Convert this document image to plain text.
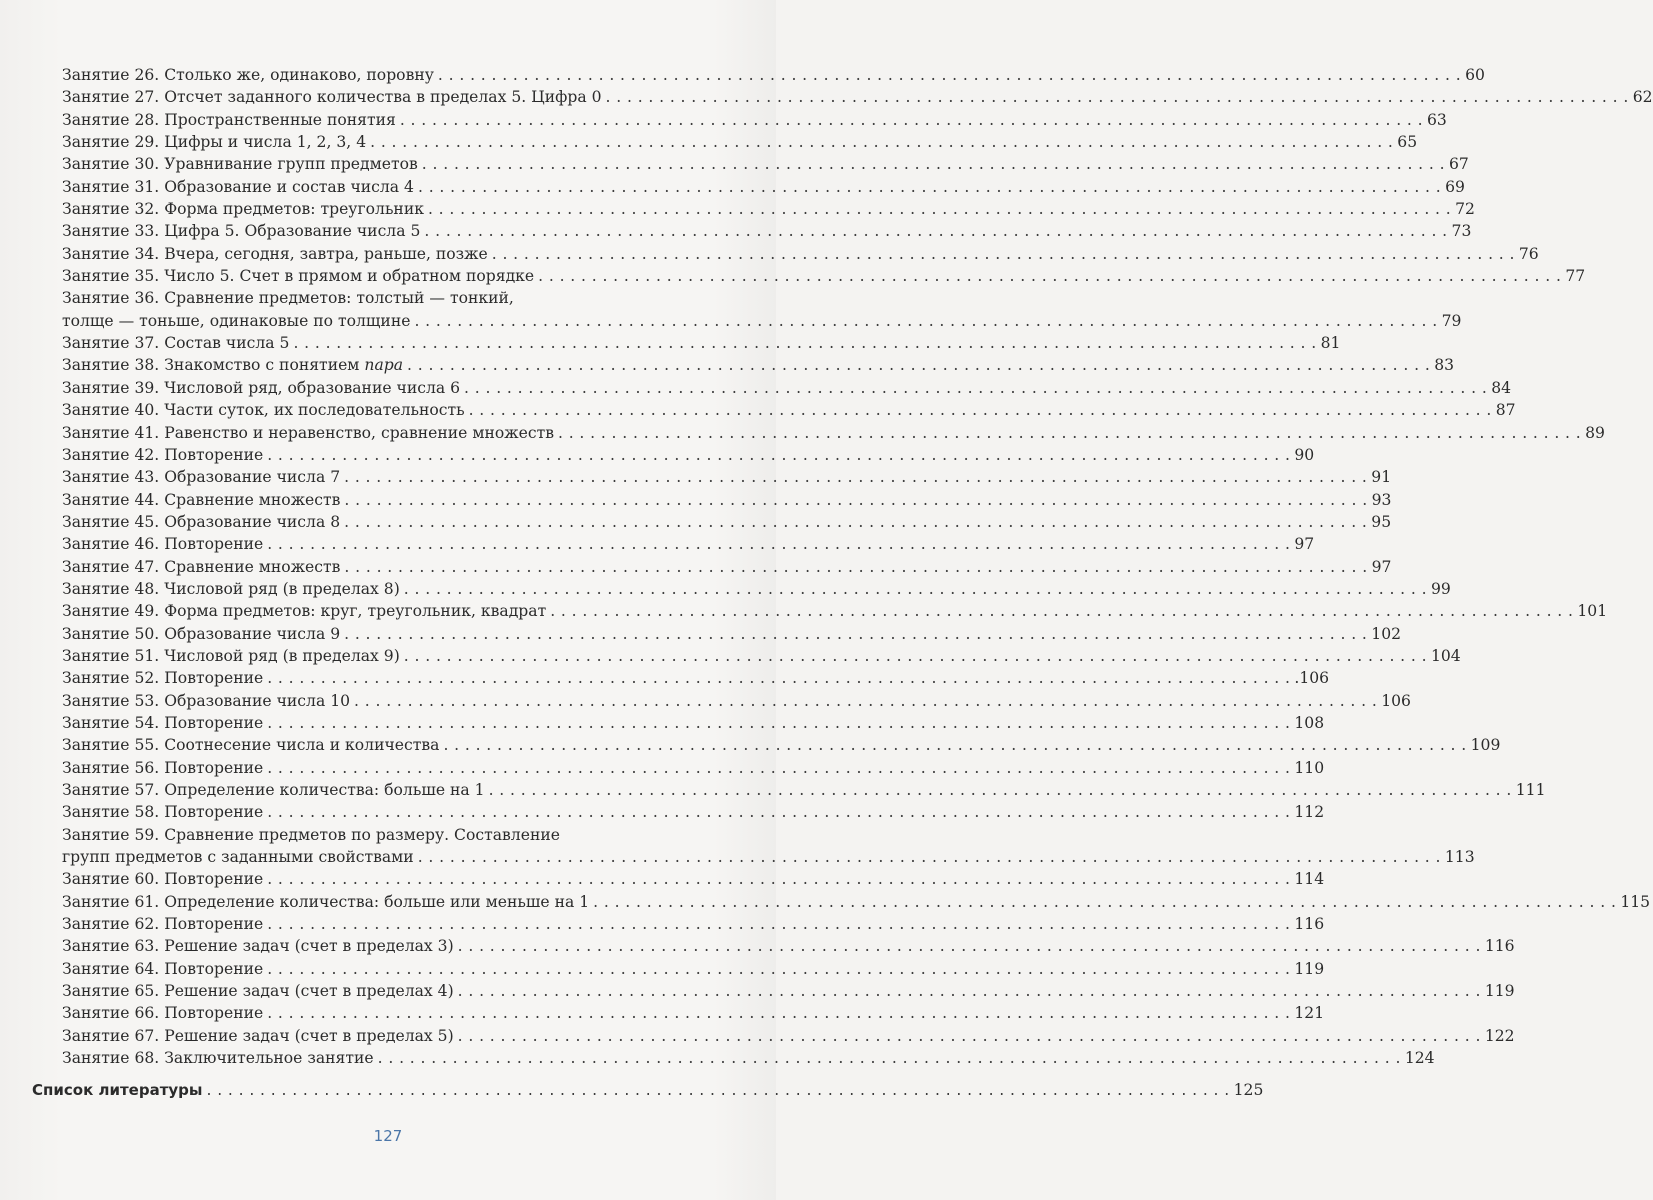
Занятие 26. Столько же, одинаково, поровну . . .	60
Занятие 27. Отсчет заданного количества в пределах 5. Цифра 0 . . .	62
Занятие 28. Пространственные понятия . . .	63
Занятие 29. Цифры и числа 1, 2, 3, 4 . . .	65
Занятие 30. Уравнивание групп предметов . . .	67
Занятие 31. Образование и состав числа 4 . . .	69
Занятие 32. Форма предметов: треугольник . . .	72
Занятие 33. Цифра 5. Образование числа 5 . . .	73
Занятие 34. Вчера, сегодня, завтра, раньше, позже . . .	76
Занятие 35. Число 5. Счет в прямом и обратном порядке . . .	77
Занятие 36. Сравнение предметов: толстый — тонкий,
толще — тоньше, одинаковые по толщине . . .	79
Занятие 37. Состав числа 5 . . .	81
Занятие 38. Знакомство с понятием пара . . .	83
Занятие 39. Числовой ряд, образование числа 6 . . .	84
Занятие 40. Части суток, их последовательность . . .	87
Занятие 41. Равенство и неравенство, сравнение множеств . . .	89
Занятие 42. Повторение . . .	90
Занятие 43. Образование числа 7 . . .	91
Занятие 44. Сравнение множеств . . .	93
Занятие 45. Образование числа 8 . . .	95
Занятие 46. Повторение . . .	97
Занятие 47. Сравнение множеств . . .	97
Занятие 48. Числовой ряд (в пределах 8) . . .	99
Занятие 49. Форма предметов: круг, треугольник, квадрат . . .	101
Занятие 50. Образование числа 9 . . .	102
Занятие 51. Числовой ряд (в пределах 9) . . .	104
Занятие 52. Повторение . . .	.106
Занятие 53. Образование числа 10 . . .	106
Занятие 54. Повторение . . .	108
Занятие 55. Соотнесение числа и количества . . .	109
Занятие 56. Повторение . . .	110
Занятие 57. Определение количества: больше на 1 . . .	111
Занятие 58. Повторение . . .	112
Занятие 59. Сравнение предметов по размеру. Составление
групп предметов с заданными свойствами . . .	113
Занятие 60. Повторение . . .	114
Занятие 61. Определение количества: больше или меньше на 1 . . .	115
Занятие 62. Повторение . . .	116
Занятие 63. Решение задач (счет в пределах 3) . . .	116
Занятие 64. Повторение . . .	119
Занятие 65. Решение задач (счет в пределах 4) . . .	119
Занятие 66. Повторение . . .	121
Занятие 67. Решение задач (счет в пределах 5) . . .	122
Занятие 68. Заключительное занятие . . .	124
Список литературы . . .	125
127
